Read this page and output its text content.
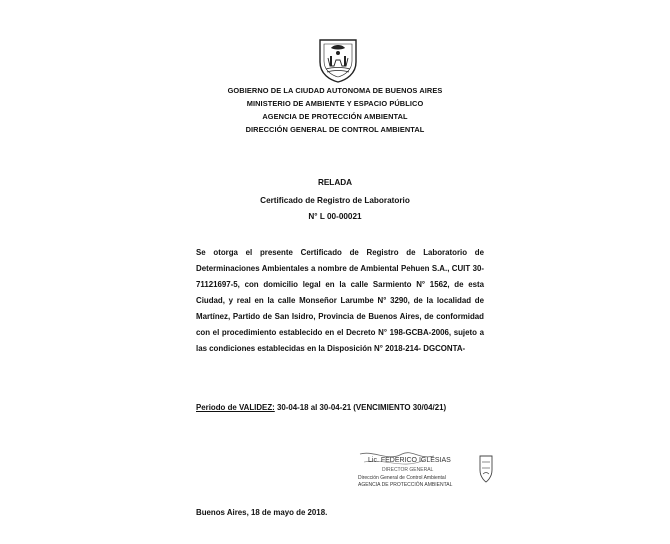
GOBIERNO DE LA CIUDAD AUTONOMA DE BUENOS AIRES
MINISTERIO DE AMBIENTE Y ESPACIO PÚBLICO
AGENCIA DE PROTECCIÓN AMBIENTAL
DIRECCIÓN GENERAL DE CONTROL AMBIENTAL
RELADA
Certificado de Registro de Laboratorio
N° L 00-00021
Se otorga el presente Certificado de Registro de Laboratorio de Determinaciones Ambientales a nombre de Ambiental Pehuen S.A., CUIT 30-71121697-5, con domicilio legal en la calle Sarmiento N° 1562, de esta Ciudad, y real en la calle Monseñor Larumbe N° 3290, de la localidad de Martínez, Partido de San Isidro, Provincia de Buenos Aires, de conformidad con el procedimiento establecido en el Decreto N° 198-GCBA-2006, sujeto a las condiciones establecidas en la Disposición N° 2018-214- DGCONTA-
Periodo de VALIDEZ: 30-04-18 al 30-04-21 (VENCIMIENTO 30/04/21)
Lic. FEDERICO IGLESIAS
DIRECTOR GENERAL
Dirección General de Control Ambiental
AGENCIA DE PROTECCIÓN AMBIENTAL
Buenos Aires, 18 de mayo de 2018.
